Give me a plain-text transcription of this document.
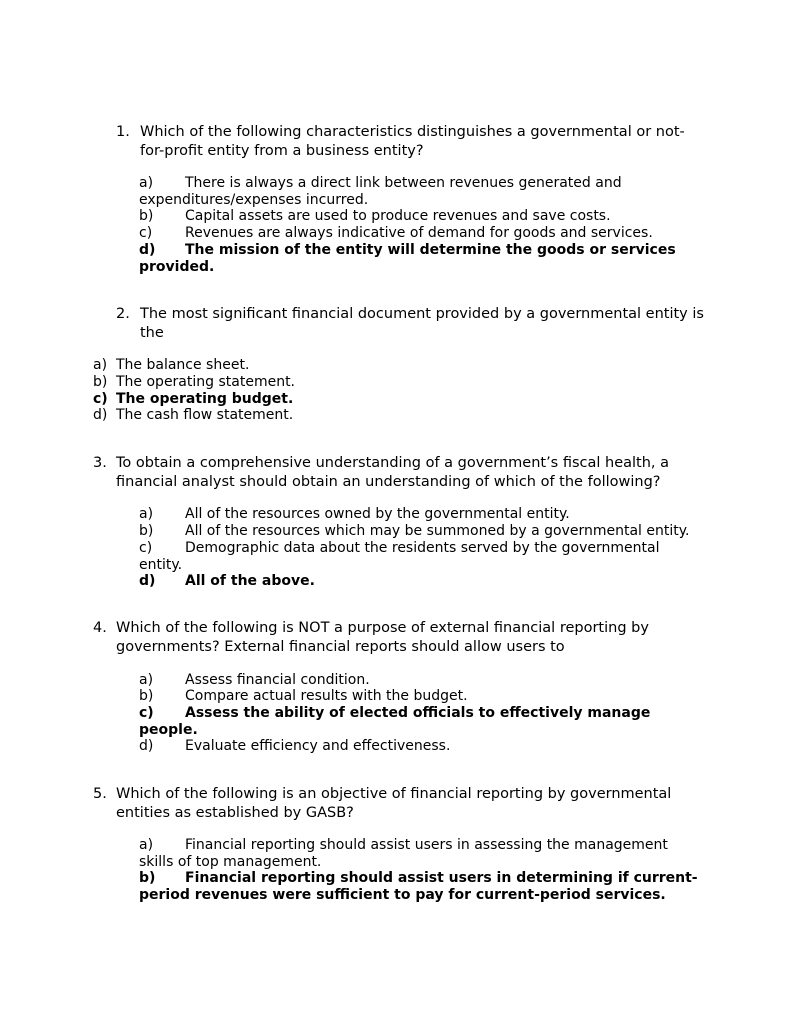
1. Which of the following characteristics distinguishes a governmental or not-for-profit entity from a business entity?
a) There is always a direct link between revenues generated and expenditures/expenses incurred.
b) Capital assets are used to produce revenues and save costs.
c) Revenues are always indicative of demand for goods and services.
d) The mission of the entity will determine the goods or services provided.
2. The most significant financial document provided by a governmental entity is the
a) The balance sheet.
b) The operating statement.
c) The operating budget.
d) The cash flow statement.
3. To obtain a comprehensive understanding of a government’s fiscal health, a financial analyst should obtain an understanding of which of the following?
a) All of the resources owned by the governmental entity.
b) All of the resources which may be summoned by a governmental entity.
c) Demographic data about the residents served by the governmental entity.
d) All of the above.
4. Which of the following is NOT a purpose of external financial reporting by governments? External financial reports should allow users to
a) Assess financial condition.
b) Compare actual results with the budget.
c) Assess the ability of elected officials to effectively manage people.
d) Evaluate efficiency and effectiveness.
5. Which of the following is an objective of financial reporting by governmental entities as established by GASB?
a) Financial reporting should assist users in assessing the management skills of top management.
b) Financial reporting should assist users in determining if current-period revenues were sufficient to pay for current-period services.
